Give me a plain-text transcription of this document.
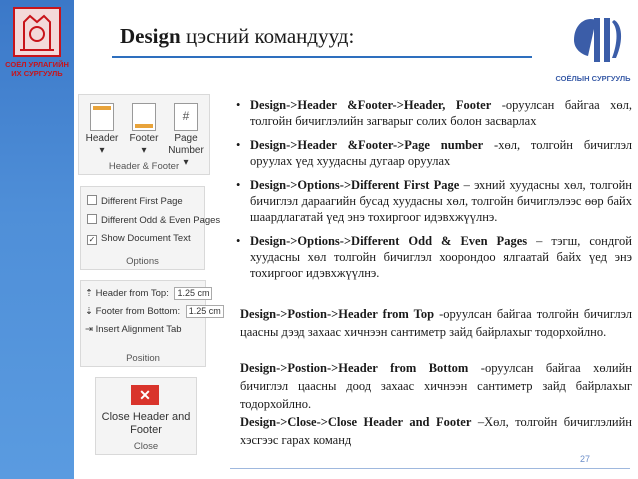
СОЁЛ УРЛАГИЙН ИХ СУРГУУЛЬ
Design цэсний командууд:
СОЁЛЫН СУРГУУЛЬ
Header
▾
Footer
▾
#
Page
Number ▾
Header & Footer
Different First Page
Different Odd & Even Pages
✓ Show Document Text
Options
⇡ Header from Top: 1.25 cm
⇣ Footer from Bottom: 1.25 cm
⇥ Insert Alignment Tab
Position
✕
Close Header and Footer
Close
• Design->Header &Footer->Header, Footer -оруулсан байгаа хөл, толгойн бичиглэлийн загварыг солих болон засварлах
• Design->Header &Footer->Page number -хөл, толгойн бичиглэл оруулах үед хуудасны дугаар оруулах
• Design->Options->Different First Page – эхний хуудасны хөл, толгойн бичиглэл дараагийн бусад хуудасны хөл, толгойн бичиглэлээс өөр байх шаардлагатай үед энэ тохиргоог идэвхжүүлнэ.
• Design->Options->Different Odd & Even Pages – тэгш, сондгой хуудасны хөл толгойн бичиглэл хоорондоо ялгаатай байх үед энэ тохиргоог идэвхжүүлнэ.
Design->Postion->Header from Top -оруулсан байгаа толгойн бичиглэл цаасны дээд захаас хичнээн сантиметр зайд байрлахыг тодорхойлно.
Design->Postion->Header from Bottom -оруулсан байгаа хөлийн бичиглэл цаасны доод захаас хичнээн сантиметр зайд байрлахыг тодорхойлно.
Design->Close->Close Header and Footer –Хөл, толгойн бичиглэлийн хэсгээс гарах команд
27
